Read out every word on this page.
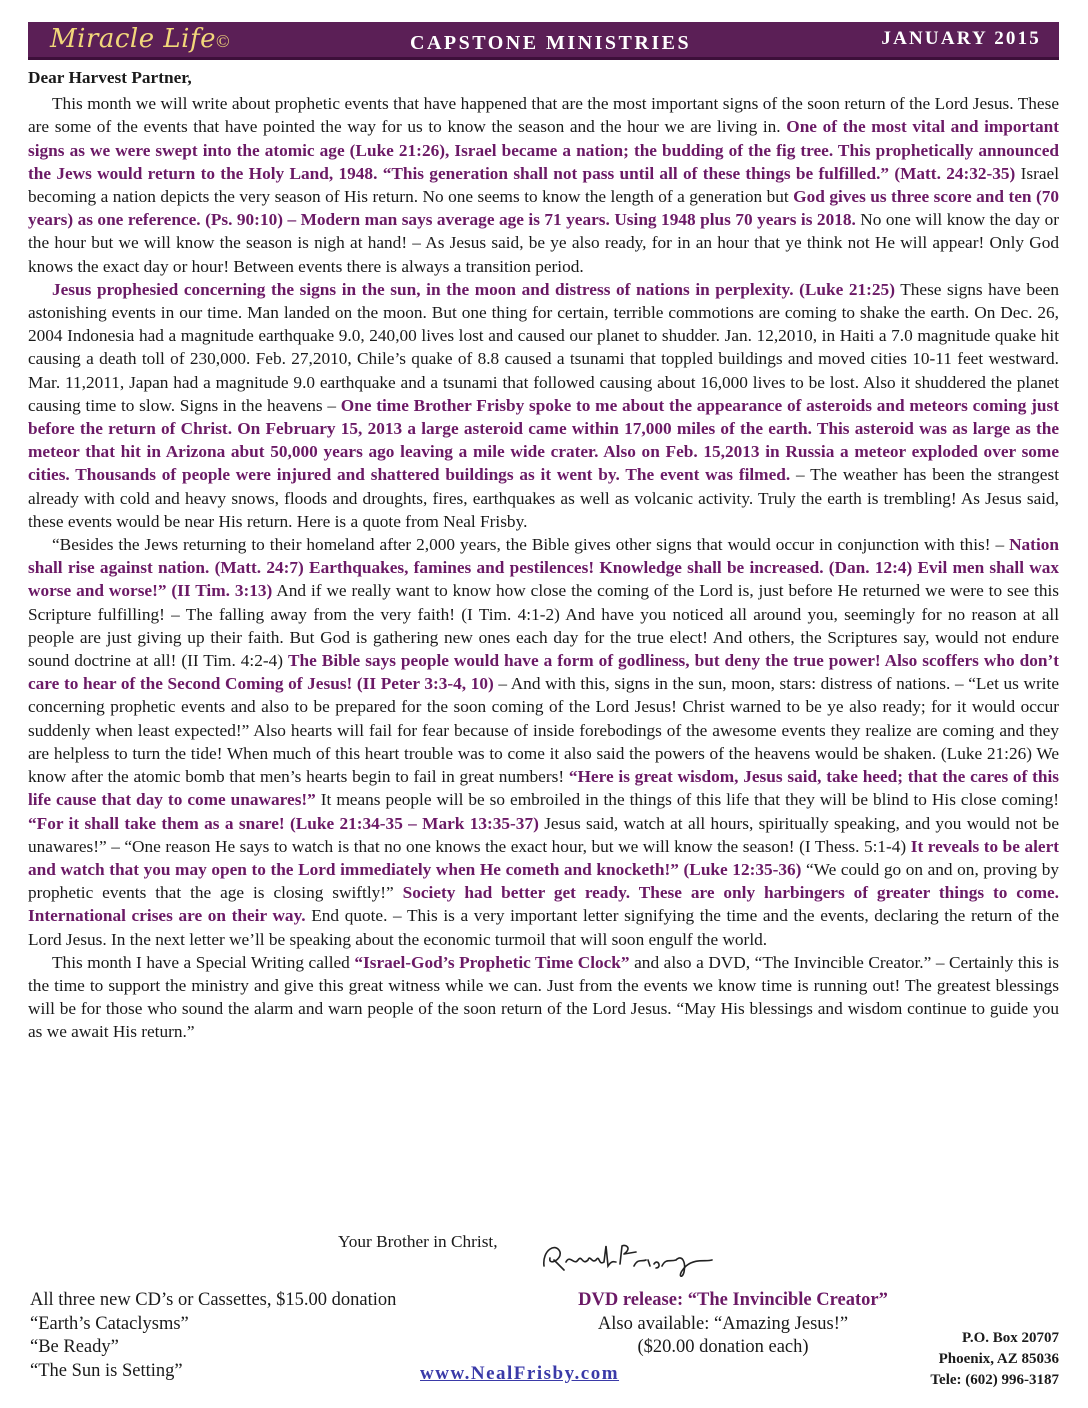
Miracle Life ©	CAPSTONE MINISTRIES	JANUARY 2015
Dear Harvest Partner,

This month we will write about prophetic events that have happened that are the most important signs of the soon return of the Lord Jesus. These are some of the events that have pointed the way for us to know the season and the hour we are living in. One of the most vital and important signs as we were swept into the atomic age (Luke 21:26), Israel became a nation; the budding of the fig tree. This prophetically announced the Jews would return to the Holy Land, 1948. “This generation shall not pass until all of these things be fulfilled.” (Matt. 24:32-35) Israel becoming a nation depicts the very season of His return. No one seems to know the length of a generation but God gives us three score and ten (70 years) as one reference. (Ps. 90:10) – Modern man says average age is 71 years. Using 1948 plus 70 years is 2018. No one will know the day or the hour but we will know the season is nigh at hand! – As Jesus said, be ye also ready, for in an hour that ye think not He will appear! Only God knows the exact day or hour! Between events there is always a transition period.

Jesus prophesied concerning the signs in the sun, in the moon and distress of nations in perplexity. (Luke 21:25) These signs have been astonishing events in our time. Man landed on the moon. But one thing for certain, terrible commotions are coming to shake the earth. On Dec. 26, 2004 Indonesia had a magnitude earthquake 9.0, 240,00 lives lost and caused our planet to shudder. Jan. 12,2010, in Haiti a 7.0 magnitude quake hit causing a death toll of 230,000. Feb. 27,2010, Chile’s quake of 8.8 caused a tsunami that toppled buildings and moved cities 10-11 feet westward. Mar. 11,2011, Japan had a magnitude 9.0 earthquake and a tsunami that followed causing about 16,000 lives to be lost. Also it shuddered the planet causing time to slow. Signs in the heavens – One time Brother Frisby spoke to me about the appearance of asteroids and meteors coming just before the return of Christ. On February 15, 2013 a large asteroid came within 17,000 miles of the earth. This asteroid was as large as the meteor that hit in Arizona abut 50,000 years ago leaving a mile wide crater. Also on Feb. 15,2013 in Russia a meteor exploded over some cities. Thousands of people were injured and shattered buildings as it went by. The event was filmed. – The weather has been the strangest already with cold and heavy snows, floods and droughts, fires, earthquakes as well as volcanic activity. Truly the earth is trembling! As Jesus said, these events would be near His return. Here is a quote from Neal Frisby.

“Besides the Jews returning to their homeland after 2,000 years, the Bible gives other signs that would occur in conjunction with this! – Nation shall rise against nation. (Matt. 24:7) Earthquakes, famines and pestilences! Knowledge shall be increased. (Dan. 12:4) Evil men shall wax worse and worse!” (II Tim. 3:13) And if we really want to know how close the coming of the Lord is, just before He returned we were to see this Scripture fulfilling! – The falling away from the very faith! (I Tim. 4:1-2) And have you noticed all around you, seemingly for no reason at all people are just giving up their faith. But God is gathering new ones each day for the true elect! And others, the Scriptures say, would not endure sound doctrine at all! (II Tim. 4:2-4) The Bible says people would have a form of godliness, but deny the true power! Also scoffers who don’t care to hear of the Second Coming of Jesus! (II Peter 3:3-4, 10) – And with this, signs in the sun, moon, stars: distress of nations. – “Let us write concerning prophetic events and also to be prepared for the soon coming of the Lord Jesus! Christ warned to be ye also ready; for it would occur suddenly when least expected!” Also hearts will fail for fear because of inside forebodings of the awesome events they realize are coming and they are helpless to turn the tide! When much of this heart trouble was to come it also said the powers of the heavens would be shaken. (Luke 21:26) We know after the atomic bomb that men’s hearts begin to fail in great numbers! “Here is great wisdom, Jesus said, take heed; that the cares of this life cause that day to come unawares!” It means people will be so embroiled in the things of this life that they will be blind to His close coming! “For it shall take them as a snare! (Luke 21:34-35 – Mark 13:35-37) Jesus said, watch at all hours, spiritually speaking, and you would not be unawares!” – “One reason He says to watch is that no one knows the exact hour, but we will know the season! (I Thess. 5:1-4) It reveals to be alert and watch that you may open to the Lord immediately when He cometh and knocketh!” (Luke 12:35-36) “We could go on and on, proving by prophetic events that the age is closing swiftly!” Society had better get ready. These are only harbingers of greater things to come. International crises are on their way. End quote. – This is a very important letter signifying the time and the events, declaring the return of the Lord Jesus. In the next letter we’ll be speaking about the economic turmoil that will soon engulf the world.

This month I have a Special Writing called “Israel-God’s Prophetic Time Clock” and also a DVD, “The Invincible Creator.” – Certainly this is the time to support the ministry and give this great witness while we can. Just from the events we know time is running out! The greatest blessings will be for those who sound the alarm and warn people of the soon return of the Lord Jesus. “May His blessings and wisdom continue to guide you as we await His return.”

Your Brother in Christ,
All three new CD’s or Cassettes, $15.00 donation
“Earth’s Cataclysms”
“Be Ready”
“The Sun is Setting”
DVD release: “The Invincible Creator”
Also available: “Amazing Jesus!”
($20.00 donation each)	P.O. Box 20707
Phoenix, AZ 85036
Tele: (602) 996-3187
www.NealFrisby.com
